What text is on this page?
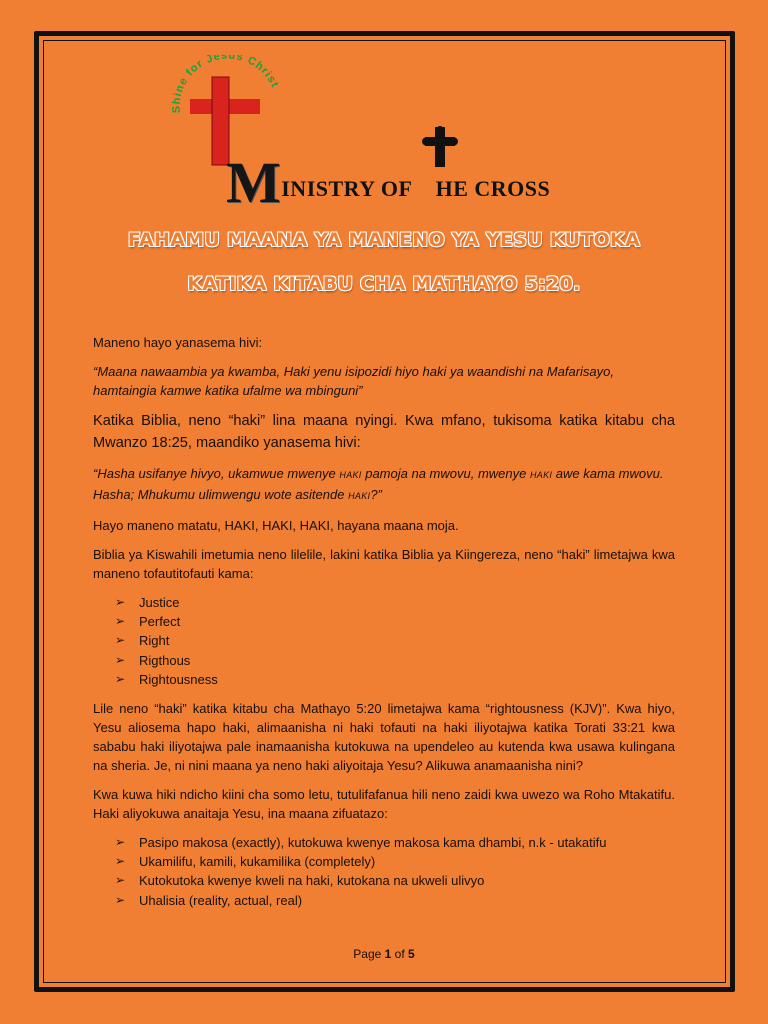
Shine for Jesus Christ
MINISTRY OF HE CROSS
FAHAMU MAANA YA MANENO YA YESU KUTOKA
KATIKA KITABU CHA MATHAYO 5:20.

Maneno hayo yanasema hivi:

“Maana nawaambia ya kwamba, Haki yenu isipozidi hiyo haki ya waandishi na Mafarisayo, hamtaingia kamwe katika ufalme wa mbinguni”

Katika Biblia, neno “haki” lina maana nyingi. Kwa mfano, tukisoma katika kitabu cha Mwanzo 18:25, maandiko yanasema hivi:

“Hasha usifanye hivyo, ukamwue mwenye HAKI pamoja na mwovu, mwenye HAKI awe kama mwovu. Hasha; Mhukumu ulimwengu wote asitende HAKI?”

Hayo maneno matatu, HAKI, HAKI, HAKI, hayana maana moja.

Biblia ya Kiswahili imetumia neno lilelile, lakini katika Biblia ya Kiingereza, neno “haki” limetajwa kwa maneno tofautitofauti kama:

➢ Justice
➢ Perfect
➢ Right
➢ Rigthous
➢ Rightousness

Lile neno “haki” katika kitabu cha Mathayo 5:20 limetajwa kama “rightousness (KJV)”. Kwa hiyo, Yesu aliosema hapo haki, alimaanisha ni haki tofauti na haki iliyotajwa katika Torati 33:21 kwa sababu haki iliyotajwa pale inamaanisha kutokuwa na upendeleo au kutenda kwa usawa kulingana na sheria. Je, ni nini maana ya neno haki aliyoitaja Yesu? Alikuwa anamaanisha nini?

Kwa kuwa hiki ndicho kiini cha somo letu, tutulifafanua hili neno zaidi kwa uwezo wa Roho Mtakatifu. Haki aliyokuwa anaitaja Yesu, ina maana zifuatazo:

➢ Pasipo makosa (exactly), kutokuwa kwenye makosa kama dhambi, n.k - utakatifu
➢ Ukamilifu, kamili, kukamilika (completely)
➢ Kutokutoka kwenye kweli na haki, kutokana na ukweli ulivyo
➢ Uhalisia (reality, actual, real)
Page 1 of 5
